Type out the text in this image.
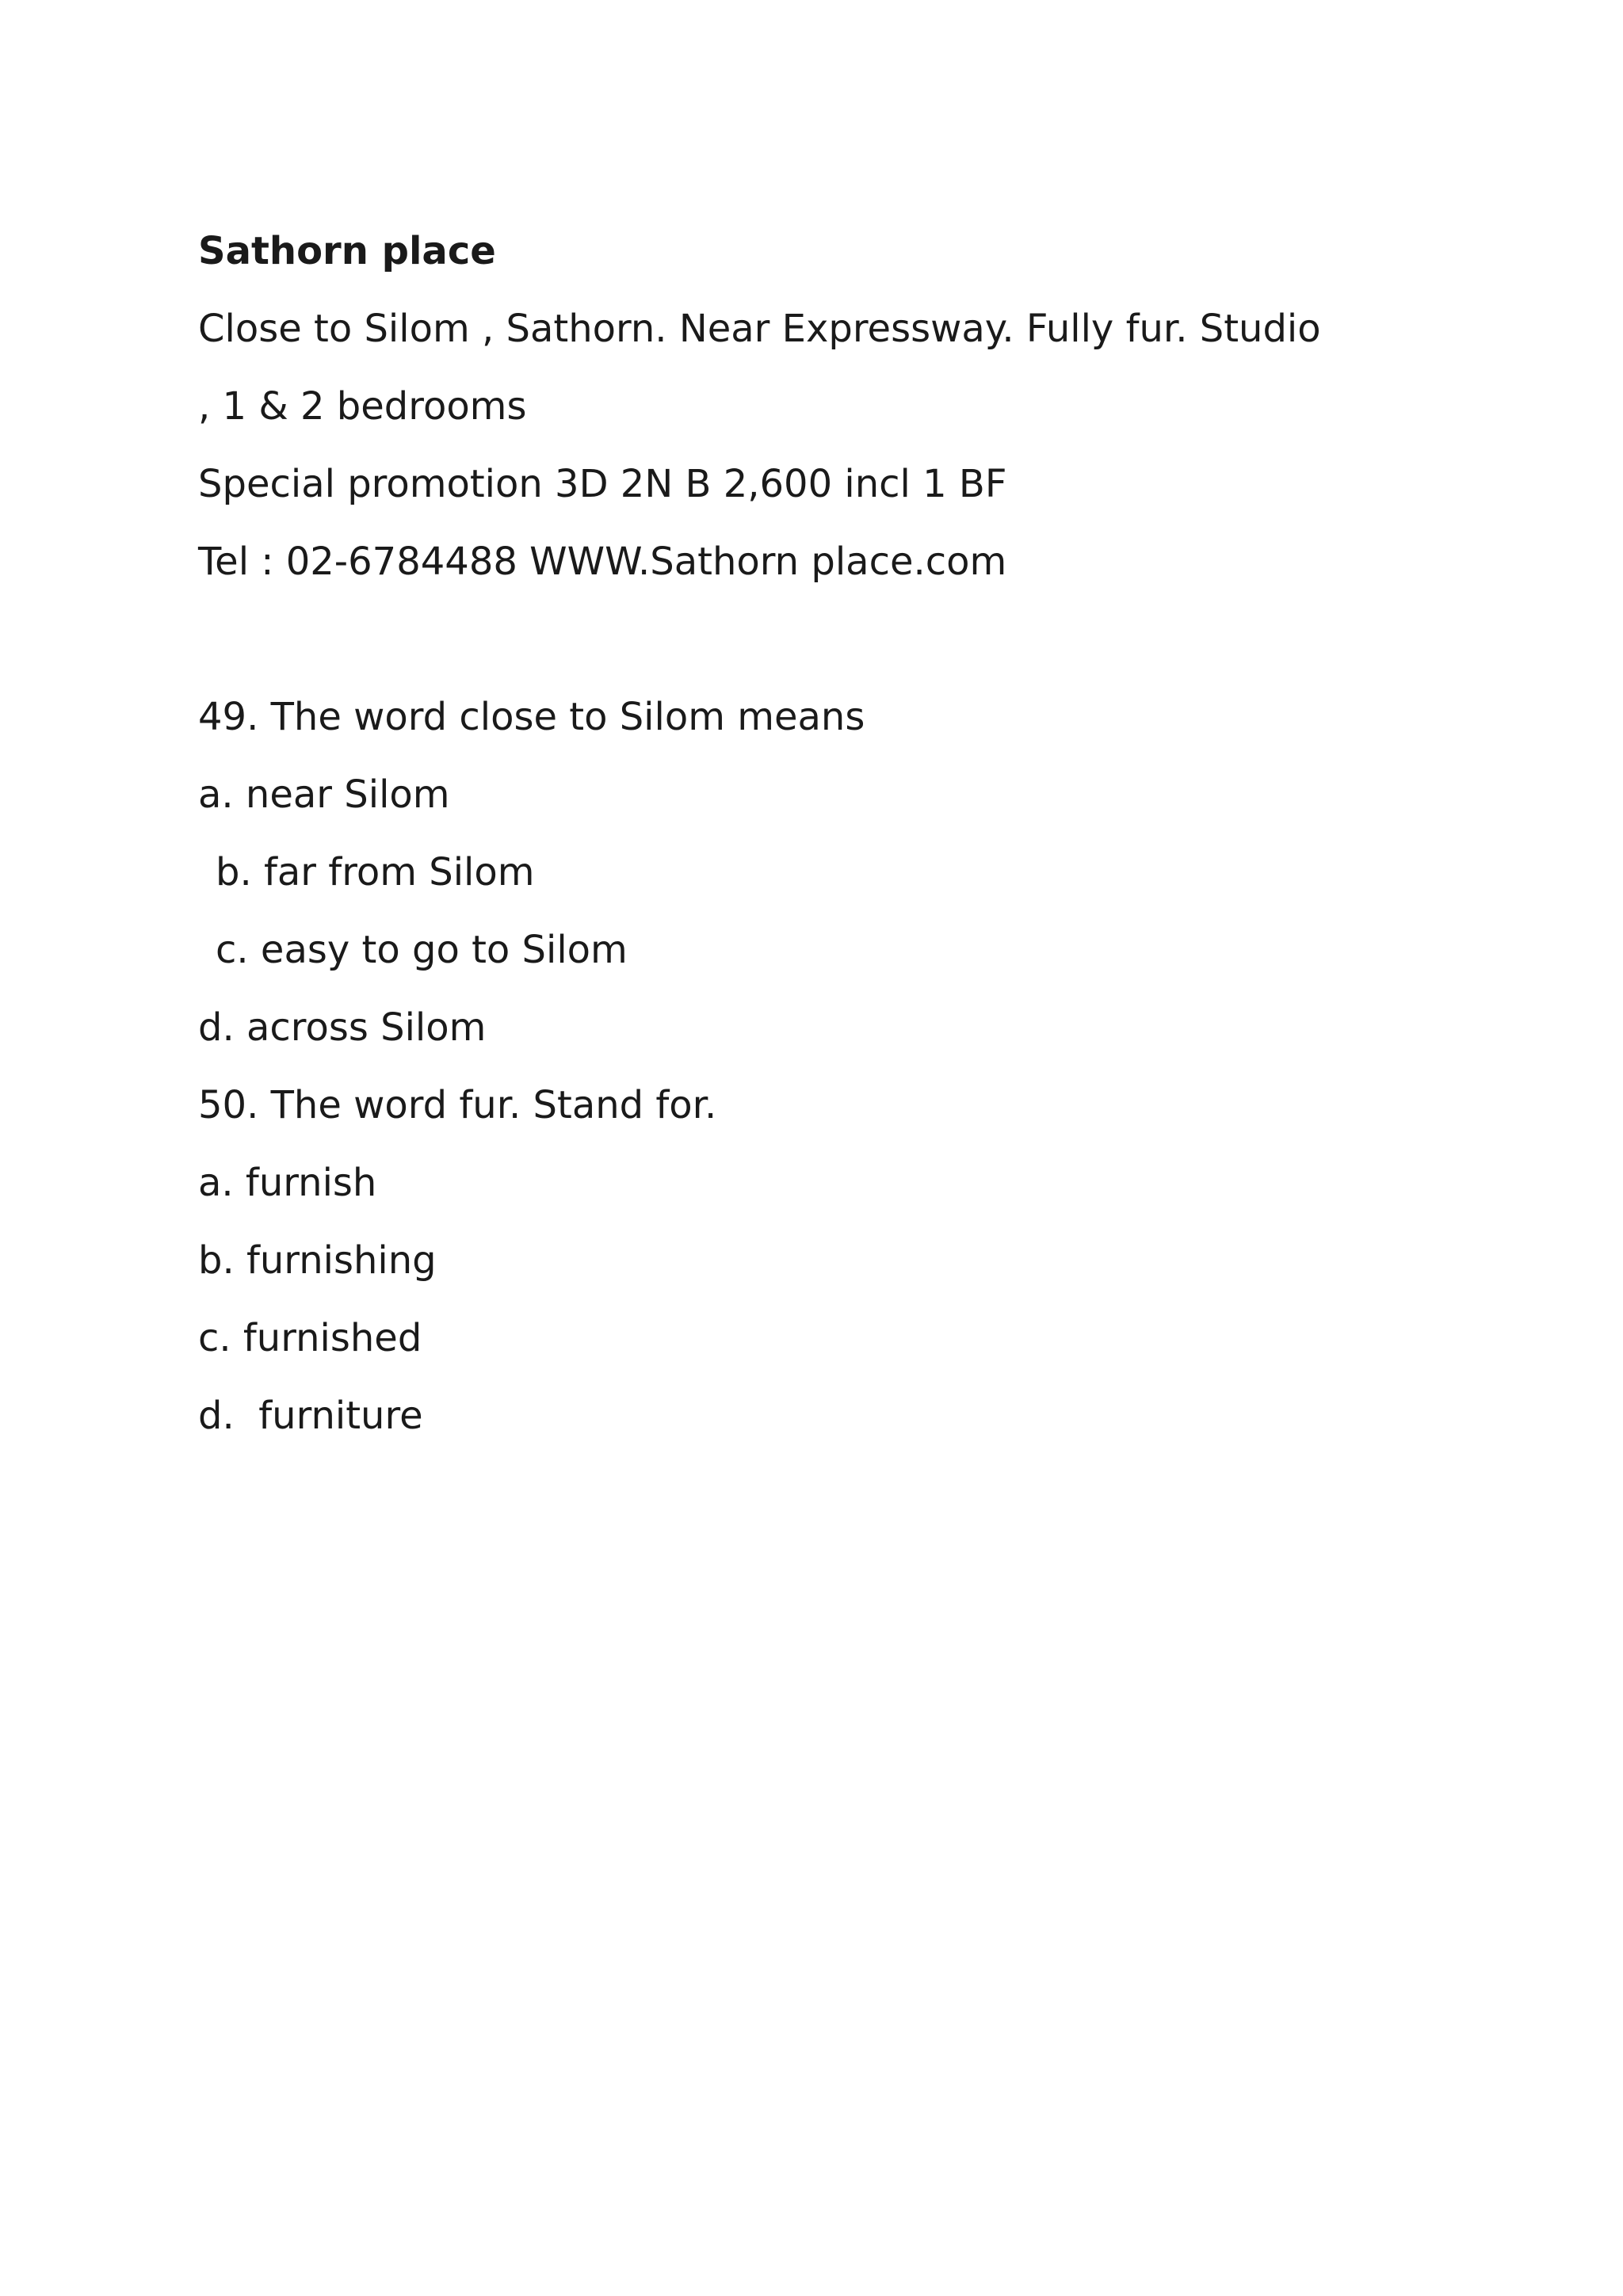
Sathorn place
Close to Silom , Sathorn. Near Expressway. Fully fur. Studio
, 1 & 2 bedrooms
Special promotion 3D 2N B 2,600 incl 1 BF
Tel : 02-6784488 WWW.Sathorn place.com
49. The word close to Silom means
a. near Silom
b. far from Silom
c. easy to go to Silom
d. across Silom
50. The word fur. Stand for.
a. furnish
b. furnishing
c. furnished
d.  furniture
